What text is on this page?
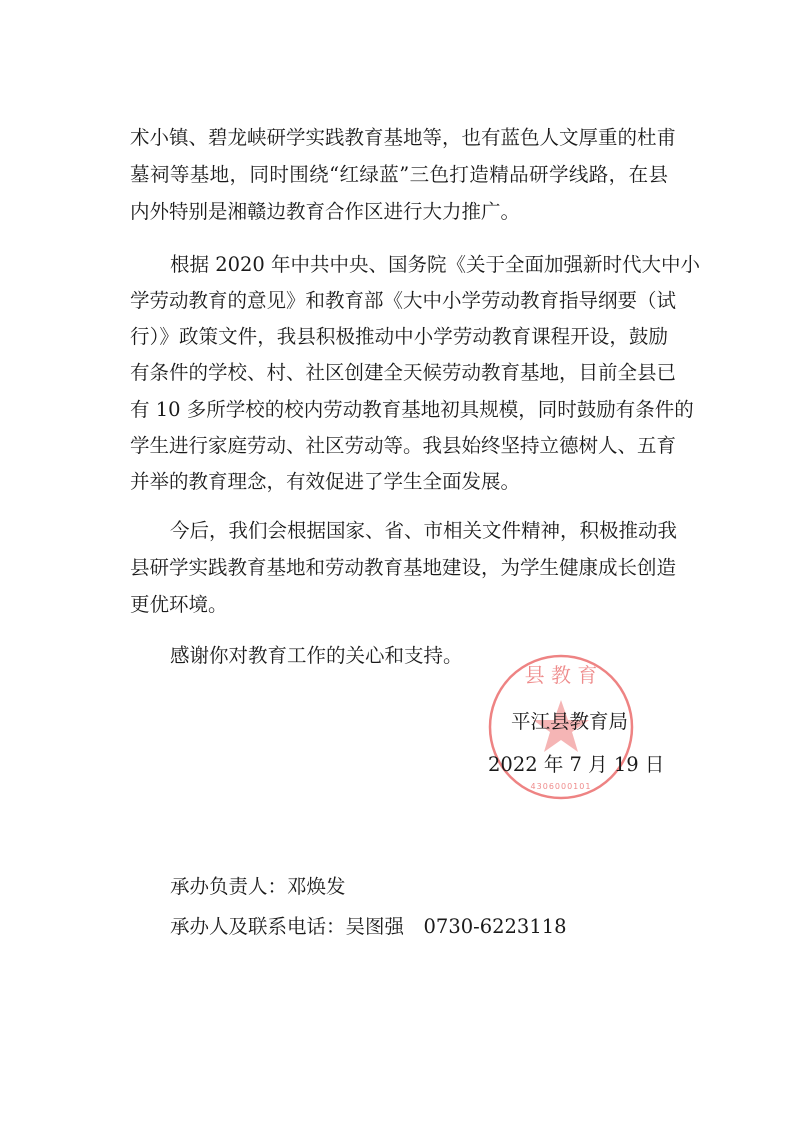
术小镇、碧龙峡研学实践教育基地等，也有蓝色人文厚重的杜甫
墓祠等基地，同时围绕“红绿蓝”三色打造精品研学线路，在县
内外特别是湘赣边教育合作区进行大力推广。
根据 2020 年中共中央、国务院《关于全面加强新时代大中小
学劳动教育的意见》和教育部《大中小学劳动教育指导纲要（试
行）》政策文件，我县积极推动中小学劳动教育课程开设，鼓励
有条件的学校、村、社区创建全天候劳动教育基地，目前全县已
有 10 多所学校的校内劳动教育基地初具规模，同时鼓励有条件的
学生进行家庭劳动、社区劳动等。我县始终坚持立德树人、五育
并举的教育理念，有效促进了学生全面发展。
今后，我们会根据国家、省、市相关文件精神，积极推动我
县研学实践教育基地和劳动教育基地建设，为学生健康成长创造
更优环境。
感谢你对教育工作的关心和支持。
县 教 育
4306000101
平江县教育局
2022 年 7 月 19 日
承办负责人：邓焕发
承办人及联系电话：吴图强　0730-6223118
